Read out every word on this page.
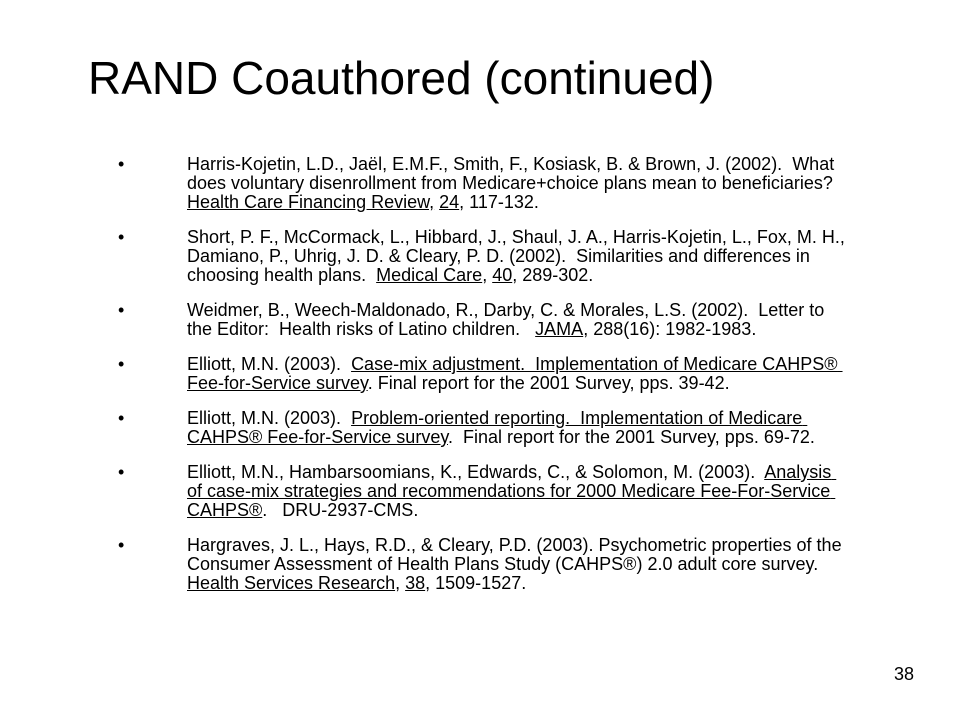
RAND Coauthored (continued)
• Harris-Kojetin, L.D., Jaël, E.M.F., Smith, F., Kosiask, B. & Brown, J. (2002).  What does voluntary disenrollment from Medicare+choice plans mean to beneficiaries? Health Care Financing Review, 24, 117-132.
• Short, P. F., McCormack, L., Hibbard, J., Shaul, J. A., Harris-Kojetin, L., Fox, M. H., Damiano, P., Uhrig, J. D. & Cleary, P. D. (2002).  Similarities and differences in choosing health plans.  Medical Care, 40, 289-302.
• Weidmer, B., Weech-Maldonado, R., Darby, C. & Morales, L.S. (2002).  Letter to the Editor:  Health risks of Latino children.   JAMA, 288(16): 1982-1983.
• Elliott, M.N. (2003).  Case-mix adjustment.  Implementation of Medicare CAHPS® Fee-for-Service survey. Final report for the 2001 Survey, pps. 39-42.
• Elliott, M.N. (2003).  Problem-oriented reporting.  Implementation of Medicare CAHPS® Fee-for-Service survey.  Final report for the 2001 Survey, pps. 69-72.
• Elliott, M.N., Hambarsoomians, K., Edwards, C., & Solomon, M. (2003).  Analysis of case-mix strategies and recommendations for 2000 Medicare Fee-For-Service CAHPS®.   DRU-2937-CMS.
• Hargraves, J. L., Hays, R.D., & Cleary, P.D. (2003). Psychometric properties of the Consumer Assessment of Health Plans Study (CAHPS®) 2.0 adult core survey.  Health Services Research, 38, 1509-1527.
38
